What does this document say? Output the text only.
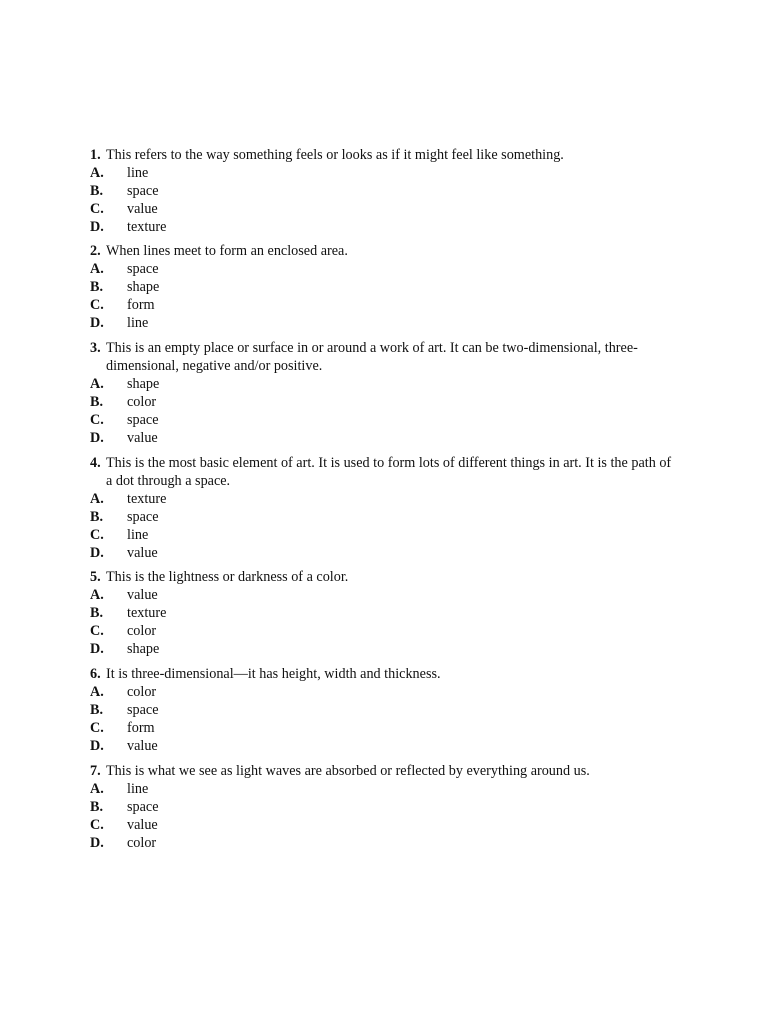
1. This refers to the way something feels or looks as if it might feel like something.
A. line
B. space
C. value
D. texture
2. When lines meet to form an enclosed area.
A. space
B. shape
C. form
D. line
3. This is an empty place or surface in or around a work of art. It can be two-dimensional, three-dimensional, negative and/or positive.
A. shape
B. color
C. space
D. value
4. This is the most basic element of art. It is used to form lots of different things in art. It is the path of a dot through a space.
A. texture
B. space
C. line
D. value
5. This is the lightness or darkness of a color.
A. value
B. texture
C. color
D. shape
6. It is three-dimensional—it has height, width and thickness.
A. color
B. space
C. form
D. value
7. This is what we see as light waves are absorbed or reflected by everything around us.
A. line
B. space
C. value
D. color
